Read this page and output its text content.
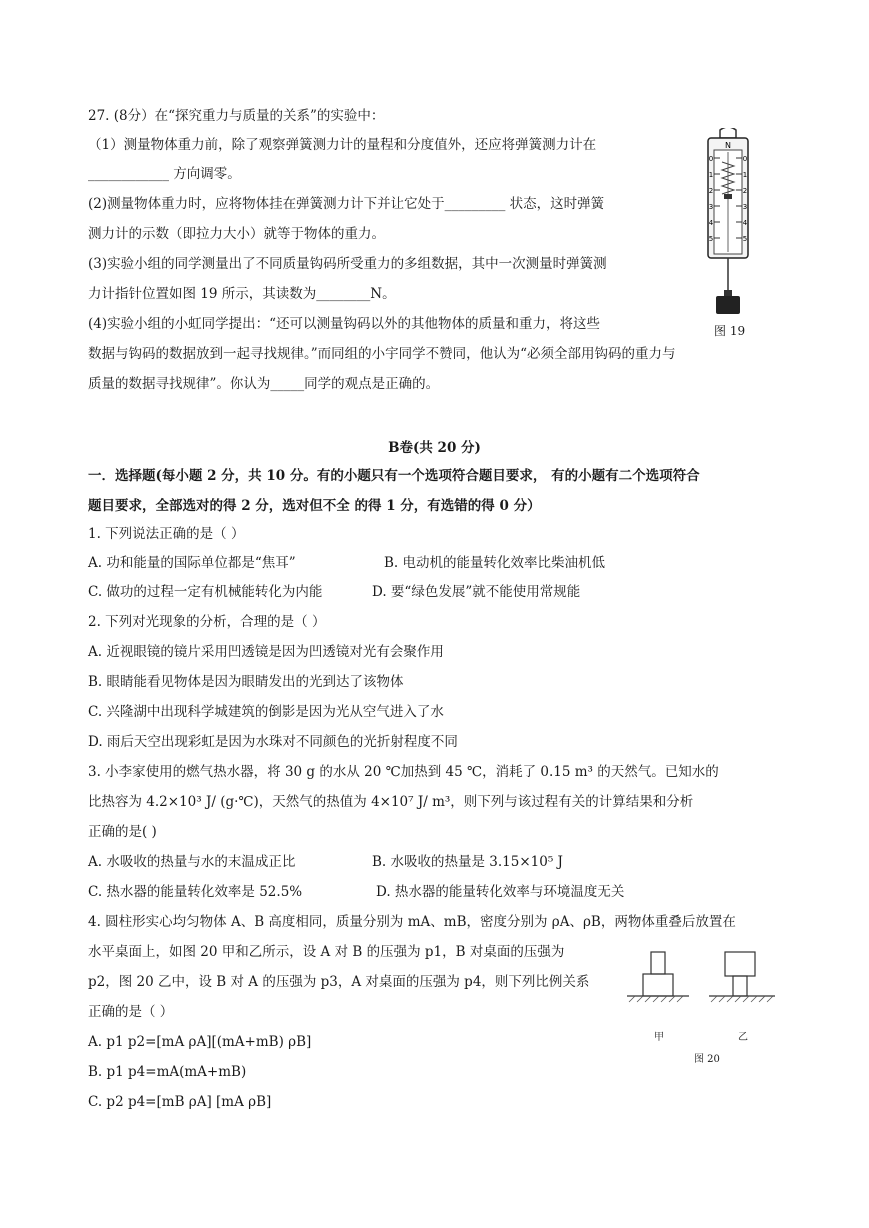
27. (8分）在“探究重力与质量的关系”的实验中：
（1）测量物体重力前，除了观察弹簧测力计的量程和分度值外，还应将弹簧测力计在
____________ 方向调零。
(2)测量物体重力时，应将物体挂在弹簧测力计下并让它处于_________ 状态，这时弹簧
测力计的示数（即拉力大小）就等于物体的重力。
(3)实验小组的同学测量出了不同质量钩码所受重力的多组数据，其中一次测量时弹簧测
力计指针位置如图 19 所示，其读数为________N。
(4)实验小组的小虹同学提出：“还可以测量钩码以外的其他物体的质量和重力，将这些
数据与钩码的数据放到一起寻找规律。”而同组的小宇同学不赞同，他认为“必须全部用钩码的重力与
质量的数据寻找规律”。你认为_____同学的观点是正确的。
N
0
1
2
3
4
5
0
1
2
3
4
5
图 19
B卷(共 20 分)
一．选择题(每小题 2 分，共 10 分。有的小题只有一个选项符合题目要求， 有的小题有二个选项符合
题目要求，全部选对的得 2 分，选对但不全 的得 1 分，有选错的得 0 分）
1. 下列说法正确的是（ ）
A. 功和能量的国际单位都是“焦耳”	B. 电动机的能量转化效率比柴油机低
C. 做功的过程一定有机械能转化为内能	D. 要“绿色发展”就不能使用常规能
2. 下列对光现象的分析，合理的是（ ）
A. 近视眼镜的镜片采用凹透镜是因为凹透镜对光有会聚作用
B. 眼睛能看见物体是因为眼睛发出的光到达了该物体
C. 兴隆湖中出现科学城建筑的倒影是因为光从空气进入了水
D. 雨后天空出现彩虹是因为水珠对不同颜色的光折射程度不同
3. 小李家使用的燃气热水器，将 30 g 的水从 20 ℃加热到 45 ℃，消耗了 0.15 m³ 的天然气。已知水的
比热容为 4.2×10³ J/ (g·℃)，天然气的热值为 4×10⁷ J/ m³，则下列与该过程有关的计算结果和分析
正确的是( )
A. 水吸收的热量与水的末温成正比	B. 水吸收的热量是 3.15×10⁵ J
C. 热水器的能量转化效率是 52.5%	D. 热水器的能量转化效率与环境温度无关
4. 圆柱形实心均匀物体 A、B 高度相同，质量分别为 mA、mB，密度分别为 ρA、ρB，两物体重叠后放置在
水平桌面上，如图 20 甲和乙所示，设 A 对 B 的压强为 p1，B 对桌面的压强为
p2，图 20 乙中，设 B 对 A 的压强为 p3，A 对桌面的压强为 p4，则下列比例关系
正确的是（ ）
A. p1 p2=[mA ρA][(mA+mB) ρB]
B. p1 p4=mA(mA+mB)
C. p2 p4=[mB ρA] [mA ρB]
甲	乙
图 20
